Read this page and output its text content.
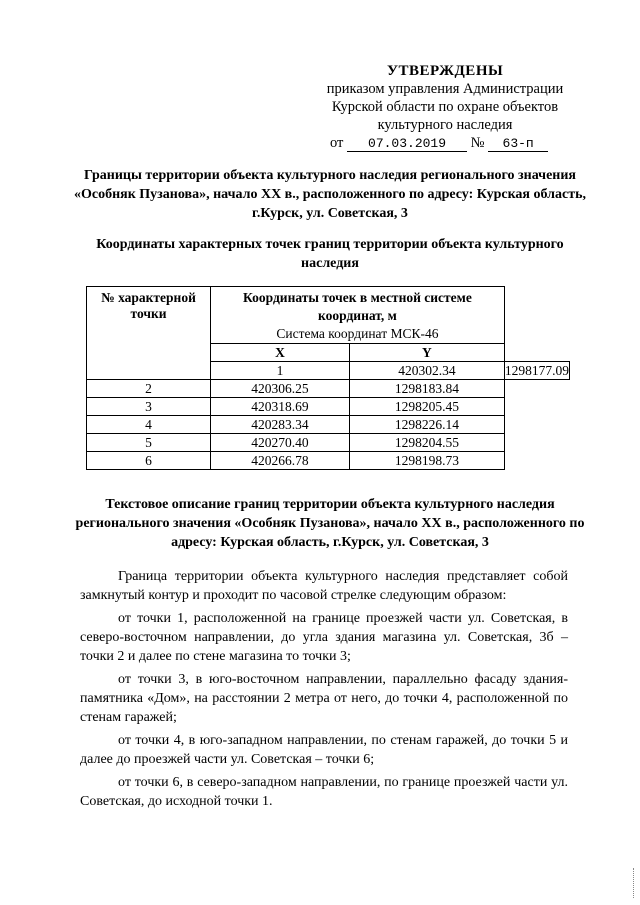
УТВЕРЖДЕНЫ
приказом управления Администрации
Курской области по охране объектов
культурного наследия
от 07.03.2019 № 63-п
Границы территории объекта культурного наследия регионального значения «Особняк Пузанова», начало XX в., расположенного по адресу: Курская область, г.Курск, ул. Советская, 3
Координаты характерных точек границ территории объекта культурного наследия
№ характерной точки	Координаты точек в местной системе координат, м
Система координат МСК-46		

	X	Y	
	1	420302.34	1298177.09
2	420306.25	1298183.84	
3	420318.69	1298205.45	
4	420283.34	1298226.14	
5	420270.40	1298204.55	
6	420266.78	1298198.73	
Текстовое описание границ территории объекта культурного наследия регионального значения «Особняк Пузанова», начало XX в., расположенного по адресу: Курская область, г.Курск, ул. Советская, 3

Граница территории объекта культурного наследия представляет собой замкнутый контур и проходит по часовой стрелке следующим образом:

от точки 1, расположенной на границе проезжей части ул. Советская, в северо-восточном направлении, до угла здания магазина ул. Советская, 3б – точки 2 и далее по стене магазина то точки 3;

от точки 3, в юго-восточном направлении, параллельно фасаду здания-памятника «Дом», на расстоянии 2 метра от него, до точки 4, расположенной по стенам гаражей;

от точки 4, в юго-западном направлении, по стенам гаражей, до точки 5 и далее до проезжей части ул. Советская – точки 6;

от точки 6, в северо-западном направлении, по границе проезжей части ул. Советская, до исходной точки 1.
